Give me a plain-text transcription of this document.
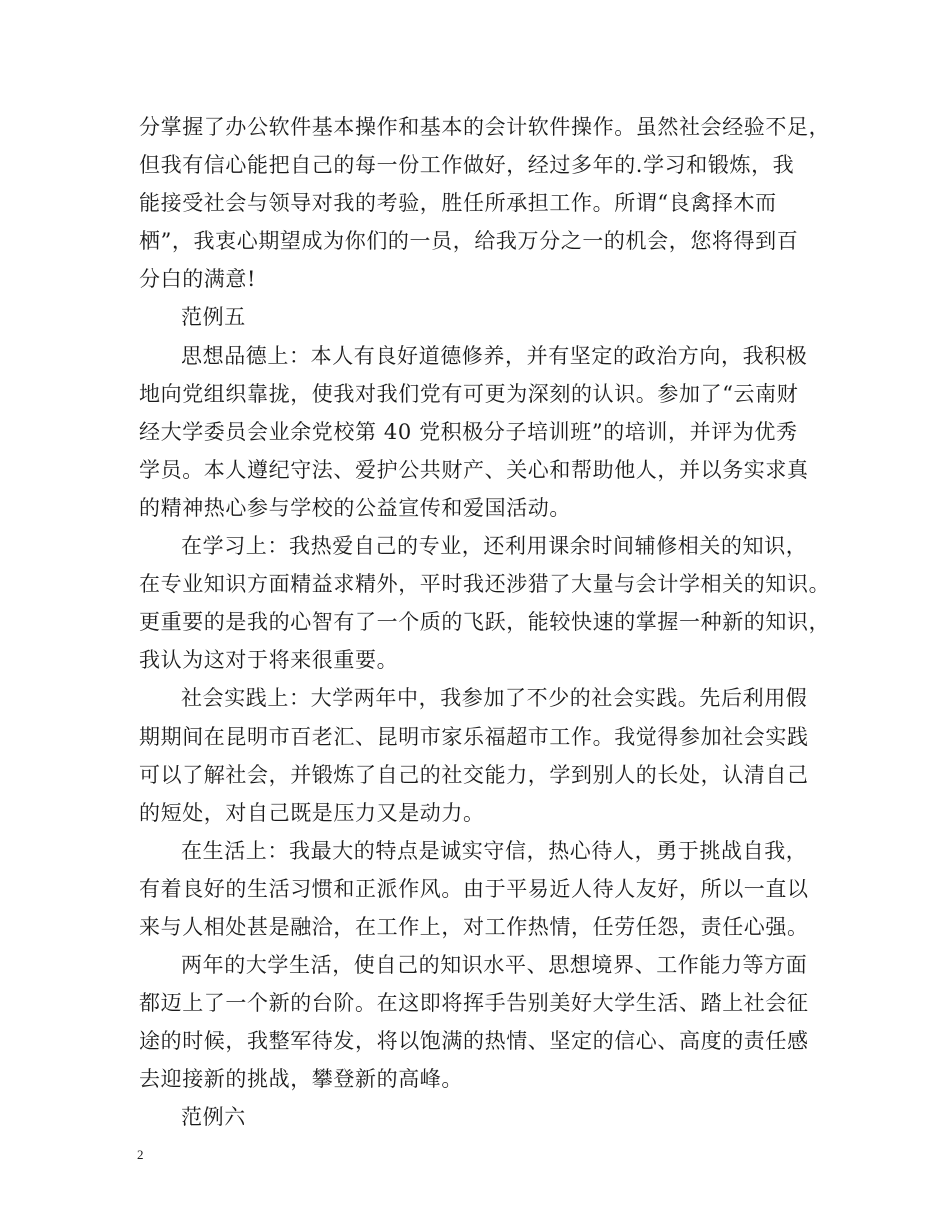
分掌握了办公软件基本操作和基本的会计软件操作。虽然社会经验不足，
但我有信心能把自己的每一份工作做好，经过多年的.学习和锻炼，我
能接受社会与领导对我的考验，胜任所承担工作。所谓“良禽择木而
栖”，我衷心期望成为你们的一员，给我万分之一的机会，您将得到百
分白的满意!
范例五
思想品德上：本人有良好道德修养，并有坚定的政治方向，我积极
地向党组织靠拢，使我对我们党有可更为深刻的认识。参加了“云南财
经大学委员会业余党校第 40 党积极分子培训班”的培训，并评为优秀
学员。本人遵纪守法、爱护公共财产、关心和帮助他人，并以务实求真
的精神热心参与学校的公益宣传和爱国活动。
在学习上：我热爱自己的专业，还利用课余时间辅修相关的知识，
在专业知识方面精益求精外，平时我还涉猎了大量与会计学相关的知识。
更重要的是我的心智有了一个质的飞跃，能较快速的掌握一种新的知识，
我认为这对于将来很重要。
社会实践上：大学两年中，我参加了不少的社会实践。先后利用假
期期间在昆明市百老汇、昆明市家乐福超市工作。我觉得参加社会实践
可以了解社会，并锻炼了自己的社交能力，学到别人的长处，认清自己
的短处，对自己既是压力又是动力。
在生活上：我最大的特点是诚实守信，热心待人，勇于挑战自我，
有着良好的生活习惯和正派作风。由于平易近人待人友好，所以一直以
来与人相处甚是融洽，在工作上，对工作热情，任劳任怨，责任心强。
两年的大学生活，使自己的知识水平、思想境界、工作能力等方面
都迈上了一个新的台阶。在这即将挥手告别美好大学生活、踏上社会征
途的时候，我整军待发，将以饱满的热情、坚定的信心、高度的责任感
去迎接新的挑战，攀登新的高峰。
范例六
2
